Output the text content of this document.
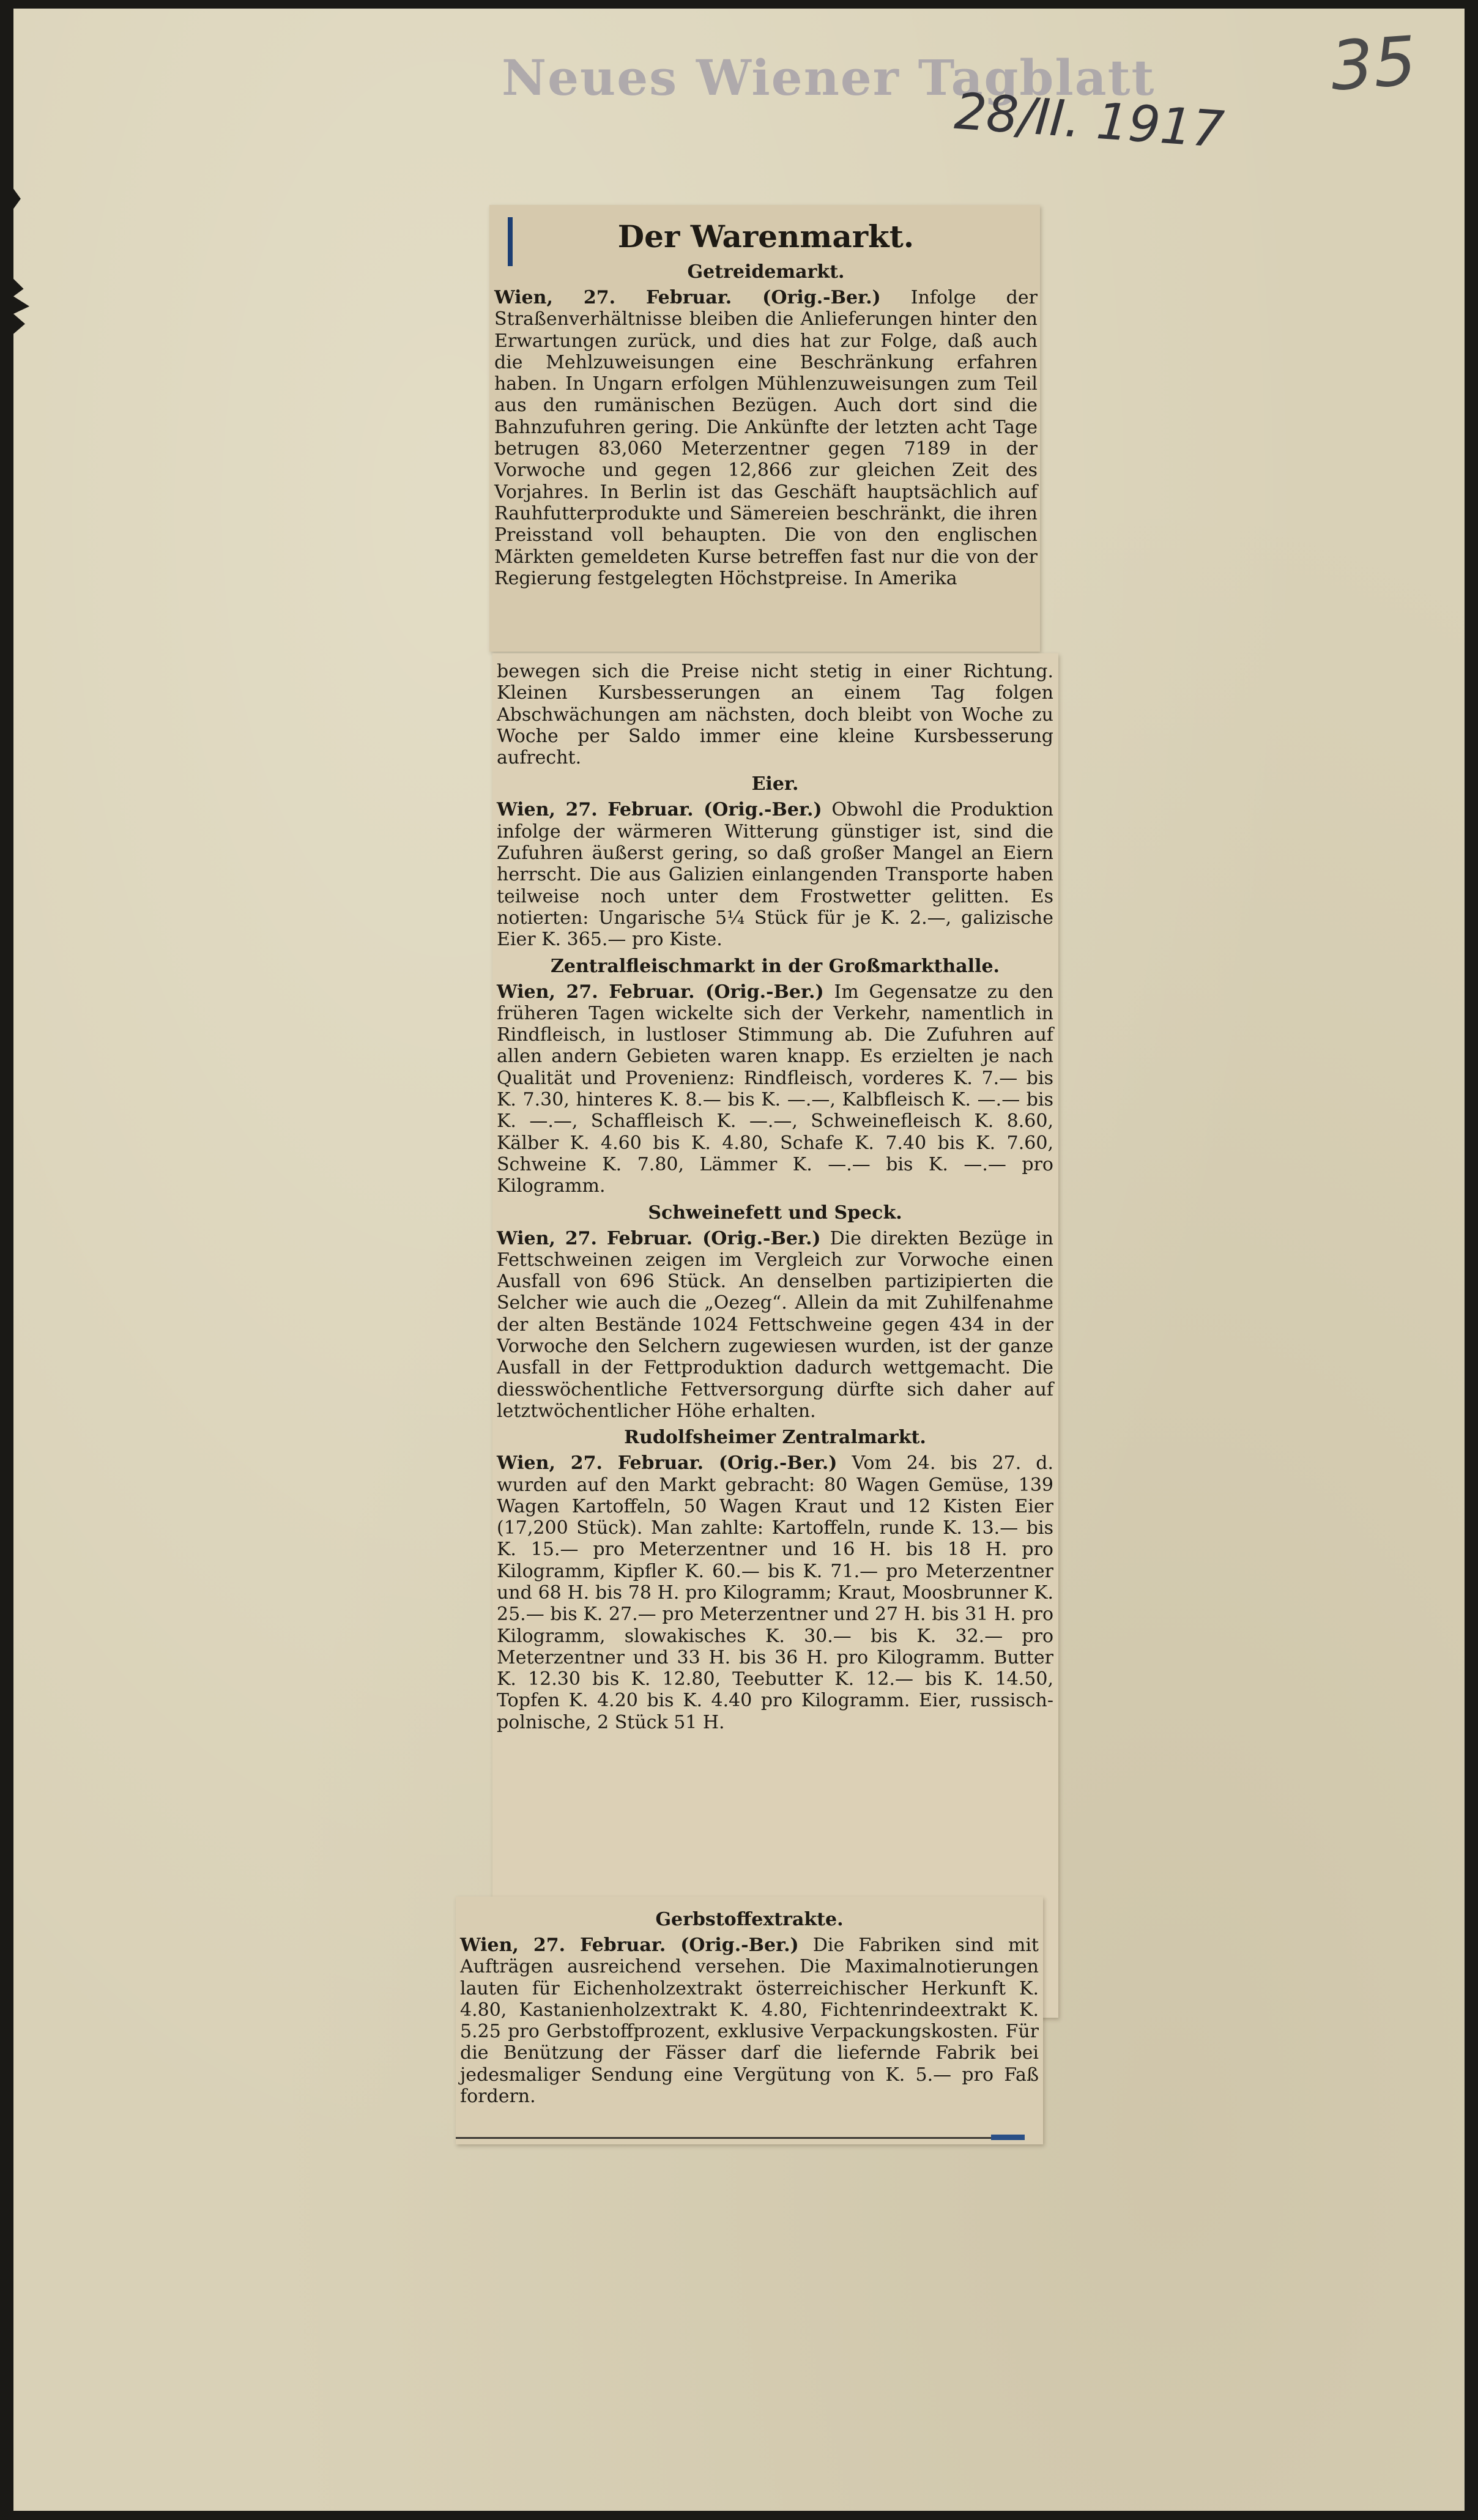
Neues Wiener Tagblatt	35
28/II. 1917
Der Warenmarkt.
Getreidemarkt.

Wien, 27. Februar. (Orig.-Ber.) Infolge der Straßenverhältnisse bleiben die Anlieferungen hinter den Erwartungen zurück, und dies hat zur Folge, daß auch die Mehlzuweisungen eine Beschränkung erfahren haben. In Ungarn erfolgen Mühlenzuweisungen zum Teil aus den rumänischen Bezügen. Auch dort sind die Bahnzufuhren gering. Die Ankünfte der letzten acht Tage betrugen 83,060 Meterzentner gegen 7189 in der Vorwoche und gegen 12,866 zur gleichen Zeit des Vorjahres. In Berlin ist das Geschäft hauptsächlich auf Rauhfutterprodukte und Sämereien beschränkt, die ihren Preisstand voll behaupten. Die von den englischen Märkten gemeldeten Kurse betreffen fast nur die von der Regierung festgelegten Höchstpreise. In Amerika

bewegen sich die Preise nicht stetig in einer Richtung. Kleinen Kursbesserungen an einem Tag folgen Abschwächungen am nächsten, doch bleibt von Woche zu Woche per Saldo immer eine kleine Kursbesserung aufrecht.

Eier.

Wien, 27. Februar. (Orig.-Ber.) Obwohl die Produktion infolge der wärmeren Witterung günstiger ist, sind die Zufuhren äußerst gering, so daß großer Mangel an Eiern herrscht. Die aus Galizien einlangenden Transporte haben teilweise noch unter dem Frostwetter gelitten. Es notierten: Ungarische 5¼ Stück für je K. 2.—, galizische Eier K. 365.— pro Kiste.

Zentralfleischmarkt in der Großmarkthalle.

Wien, 27. Februar. (Orig.-Ber.) Im Gegensatze zu den früheren Tagen wickelte sich der Verkehr, namentlich in Rindfleisch, in lustloser Stimmung ab. Die Zufuhren auf allen andern Gebieten waren knapp. Es erzielten je nach Qualität und Provenienz: Rindfleisch, vorderes K. 7.— bis K. 7.30, hinteres K. 8.— bis K. —.—, Kalbfleisch K. —.— bis K. —.—, Schaffleisch K. —.—, Schweinefleisch K. 8.60, Kälber K. 4.60 bis K. 4.80, Schafe K. 7.40 bis K. 7.60, Schweine K. 7.80, Lämmer K. —.— bis K. —.— pro Kilogramm.

Schweinefett und Speck.

Wien, 27. Februar. (Orig.-Ber.) Die direkten Bezüge in Fettschweinen zeigen im Vergleich zur Vorwoche einen Ausfall von 696 Stück. An denselben partizipierten die Selcher wie auch die „Oezeg“. Allein da mit Zuhilfenahme der alten Bestände 1024 Fettschweine gegen 434 in der Vorwoche den Selchern zugewiesen wurden, ist der ganze Ausfall in der Fettproduktion dadurch wettgemacht. Die diesswöchentliche Fettversorgung dürfte sich daher auf letztwöchentlicher Höhe erhalten.

Rudolfsheimer Zentralmarkt.

Wien, 27. Februar. (Orig.-Ber.) Vom 24. bis 27. d. wurden auf den Markt gebracht: 80 Wagen Gemüse, 139 Wagen Kartoffeln, 50 Wagen Kraut und 12 Kisten Eier (17,200 Stück). Man zahlte: Kartoffeln, runde K. 13.— bis K. 15.— pro Meterzentner und 16 H. bis 18 H. pro Kilogramm, Kipfler K. 60.— bis K. 71.— pro Meterzentner und 68 H. bis 78 H. pro Kilogramm; Kraut, Moosbrunner K. 25.— bis K. 27.— pro Meterzentner und 27 H. bis 31 H. pro Kilogramm, slowakisches K. 30.— bis K. 32.— pro Meterzentner und 33 H. bis 36 H. pro Kilogramm. Butter K. 12.30 bis K. 12.80, Teebutter K. 12.— bis K. 14.50, Topfen K. 4.20 bis K. 4.40 pro Kilogramm. Eier, russisch-polnische, 2 Stück 51 H.

Gerbstoffextrakte.

Wien, 27. Februar. (Orig.-Ber.) Die Fabriken sind mit Aufträgen ausreichend versehen. Die Maximalnotierungen lauten für Eichenholzextrakt österreichischer Herkunft K. 4.80, Kastanienholzextrakt K. 4.80, Fichtenrindeextrakt K. 5.25 pro Gerbstoffprozent, exklusive Verpackungskosten. Für die Benützung der Fässer darf die liefernde Fabrik bei jedesmaliger Sendung eine Vergütung von K. 5.— pro Faß fordern.
